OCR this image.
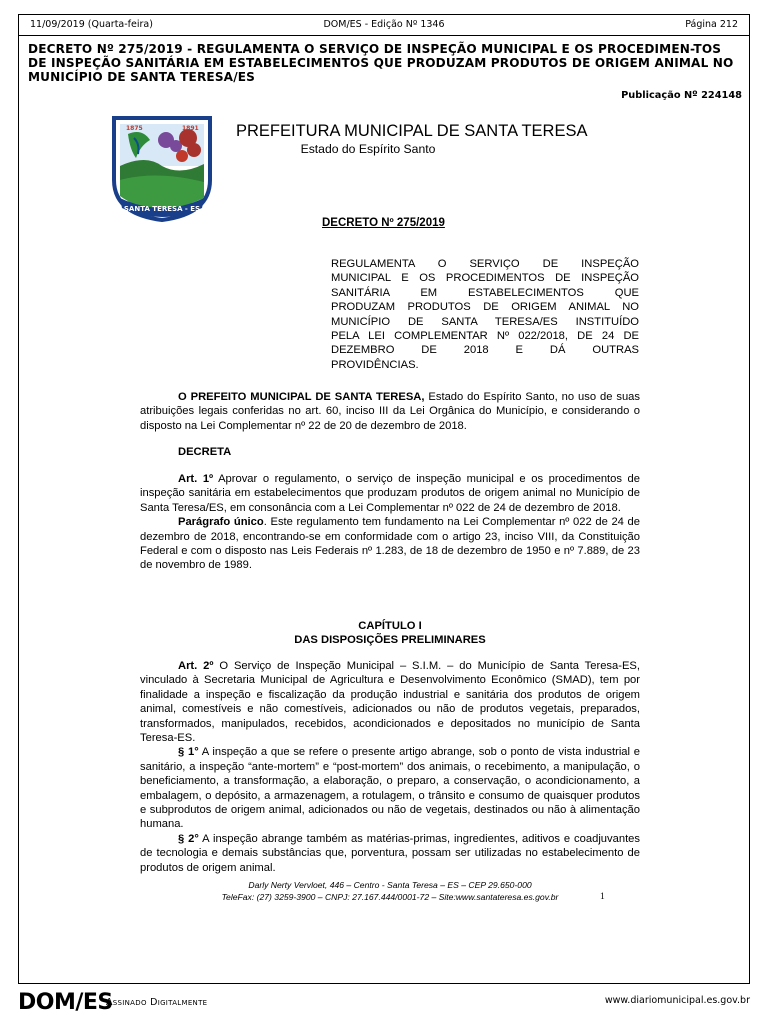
11/09/2019 (Quarta-feira)	DOM/ES - Edição Nº 1346	Página 212
DECRETO Nº 275/2019 - REGULAMENTA O SERVIÇO DE INSPEÇÃO MUNICIPAL E OS PROCEDIMEN-TOS DE INSPEÇÃO SANITÁRIA EM ESTABELECIMENTOS QUE PRODUZAM PRODUTOS DE ORIGEM ANIMAL NO MUNICÍPIO DE SANTA TERESA/ES
Publicação Nº 224148
1875	1891
SANTA TERESA - ES
PREFEITURA MUNICIPAL DE SANTA TERESA
Estado do Espírito Santo
DECRETO Nº 275/2019
REGULAMENTA O SERVIÇO DE INSPEÇÃO
MUNICIPAL E OS PROCEDIMENTOS DE INSPEÇÃO
SANITÁRIA EM ESTABELECIMENTOS QUE
PRODUZAM PRODUTOS DE ORIGEM ANIMAL NO
MUNICÍPIO DE SANTA TERESA/ES INSTITUÍDO
PELA LEI COMPLEMENTAR Nº 022/2018, DE 24 DE
DEZEMBRO DE 2018 E DÁ OUTRAS
PROVIDÊNCIAS.

O PREFEITO MUNICIPAL DE SANTA TERESA, Estado do Espírito Santo, no uso de suas atribuições legais conferidas no art. 60, inciso III da Lei Orgânica do Município, e considerando o disposto na Lei Complementar nº 22 de 20 de dezembro de 2018.

DECRETA

Art. 1º Aprovar o regulamento, o serviço de inspeção municipal e os procedimentos de inspeção sanitária em estabelecimentos que produzam produtos de origem animal no Município de Santa Teresa/ES, em consonância com a Lei Complementar nº 022 de 24 de dezembro de 2018.

Parágrafo único. Este regulamento tem fundamento na Lei Complementar nº 022 de 24 de dezembro de 2018, encontrando-se em conformidade com o artigo 23, inciso VIII, da Constituição Federal e com o disposto nas Leis Federais nº 1.283, de 18 de dezembro de 1950 e nº 7.889, de 23 de novembro de 1989.

CAPÍTULO I
DAS DISPOSIÇÕES PRELIMINARES

Art. 2º O Serviço de Inspeção Municipal – S.I.M. – do Município de Santa Teresa-ES, vinculado à Secretaria Municipal de Agricultura e Desenvolvimento Econômico (SMAD), tem por finalidade a inspeção e fiscalização da produção industrial e sanitária dos produtos de origem animal, comestíveis e não comestíveis, adicionados ou não de produtos vegetais, preparados, transformados, manipulados, recebidos, acondicionados e depositados no município de Santa Teresa-ES.

§ 1° A inspeção a que se refere o presente artigo abrange, sob o ponto de vista industrial e sanitário, a inspeção “ante-mortem” e “post-mortem” dos animais, o recebimento, a manipulação, o beneficiamento, a transformação, a elaboração, o preparo, a conservação, o acondicionamento, a embalagem, o depósito, a armazenagem, a rotulagem, o trânsito e consumo de quaisquer produtos e subprodutos de origem animal, adicionados ou não de vegetais, destinados ou não à alimentação humana.

§ 2° A inspeção abrange também as matérias-primas, ingredientes, aditivos e coadjuvantes de tecnologia e demais substâncias que, porventura, possam ser utilizadas no estabelecimento de produtos de origem animal.

Darly Nerty Vervloet, 446 – Centro - Santa Teresa – ES – CEP 29.650-000
TeleFax: (27) 3259-3900 – CNPJ: 27.167.444/0001-72 – Site:www.santateresa.es.gov.br	1
DOM/ES
Assinado Digitalmente	www.diariomunicipal.es.gov.br
